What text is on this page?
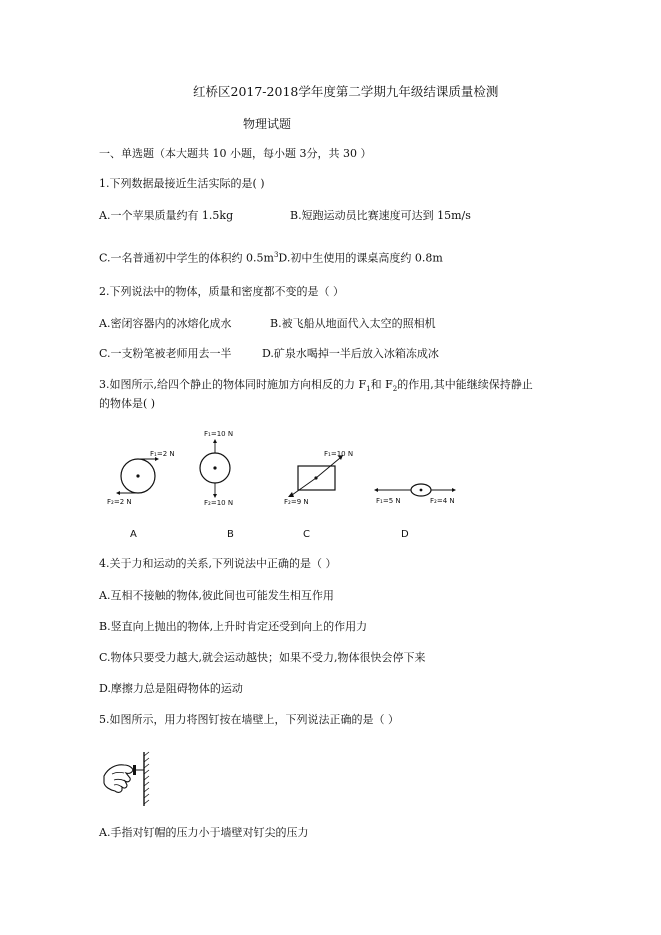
红桥区2017-2018学年度第二学期九年级结课质量检测
物理试题
一、单选题（本大题共 10 小题，每小题 3分，共 30 ）
1.下列数据最接近生活实际的是( )
A.一个苹果质量约有 1.5kg	B.短跑运动员比赛速度可达到 15m/s
C.一名普通初中学生的体积约 $0.5m^3D$.初中生使用的课桌高度约 0.8m
2.下列说法中的物体，质量和密度都不变的是（ ）
A.密闭容器内的冰熔化成水	B.被飞船从地面代入太空的照相机
C.一支粉笔被老师用去一半	D.矿泉水喝掉一半后放入冰箱冻成冰
3.如图所示,给四个静止的物体同时施加方向相反的力 $F_1$和 $F_2$的作用,其中能继续保持静止
的物体是( )
F₁=2 N
F₂=2 N
A
F₁=10 N
F₂=10 N
B
F₁=10 N
F₂=9 N
C
F₁=5 N	F₂=4 N
D
4.关于力和运动的关系,下列说法中正确的是（ ）
A.互相不接触的物体,彼此间也可能发生相互作用
B.竖直向上抛出的物体,上升时肯定还受到向上的作用力
C.物体只要受力越大,就会运动越快；如果不受力,物体很快会停下来
D.摩擦力总是阻碍物体的运动
5.如图所示，用力将图钉按在墙壁上，下列说法正确的是（ ）
A.手指对钉帽的压力小于墙壁对钉尖的压力
